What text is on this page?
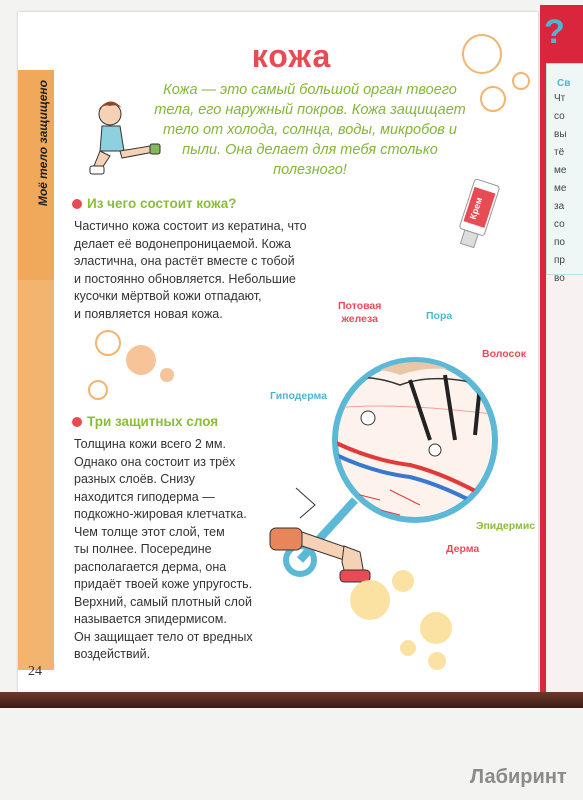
Моё тело защищено
24

кожа
Кожа — это самый большой орган твоего тела, его наружный покров. Кожа защищает тело от холода, солнца, воды, микробов и пыли. Она делает для тебя столько полезного!
Крем
Из чего состоит кожа?
Частично кожа состоит из кератина, что
делает её водонепроницаемой. Кожа
эластична, она растёт вместе с тобой
и постоянно обновляется. Небольшие
кусочки мёртвой кожи отпадают,
и появляется новая кожа.
Три защитных слоя
Толщина кожи всего 2 мм.
Однако она состоит из трёх
разных слоёв. Снизу
находится гиподерма —
подкожно-жировая клетчатка.
Чем толще этот слой, тем
ты полнее. Посередине
располагается дерма, она
придаёт твоей коже упругость.
Верхний, самый плотный слой
называется эпидермисом.
Он защищает тело от вредных
воздействий.
Потовая
железа	Пора
Волосок
Гиподерма
Эпидермис
Дерма
?
Св
Чт
со
вы
тё
ме
ме
за
со
по
пр
во
Лабиринт
